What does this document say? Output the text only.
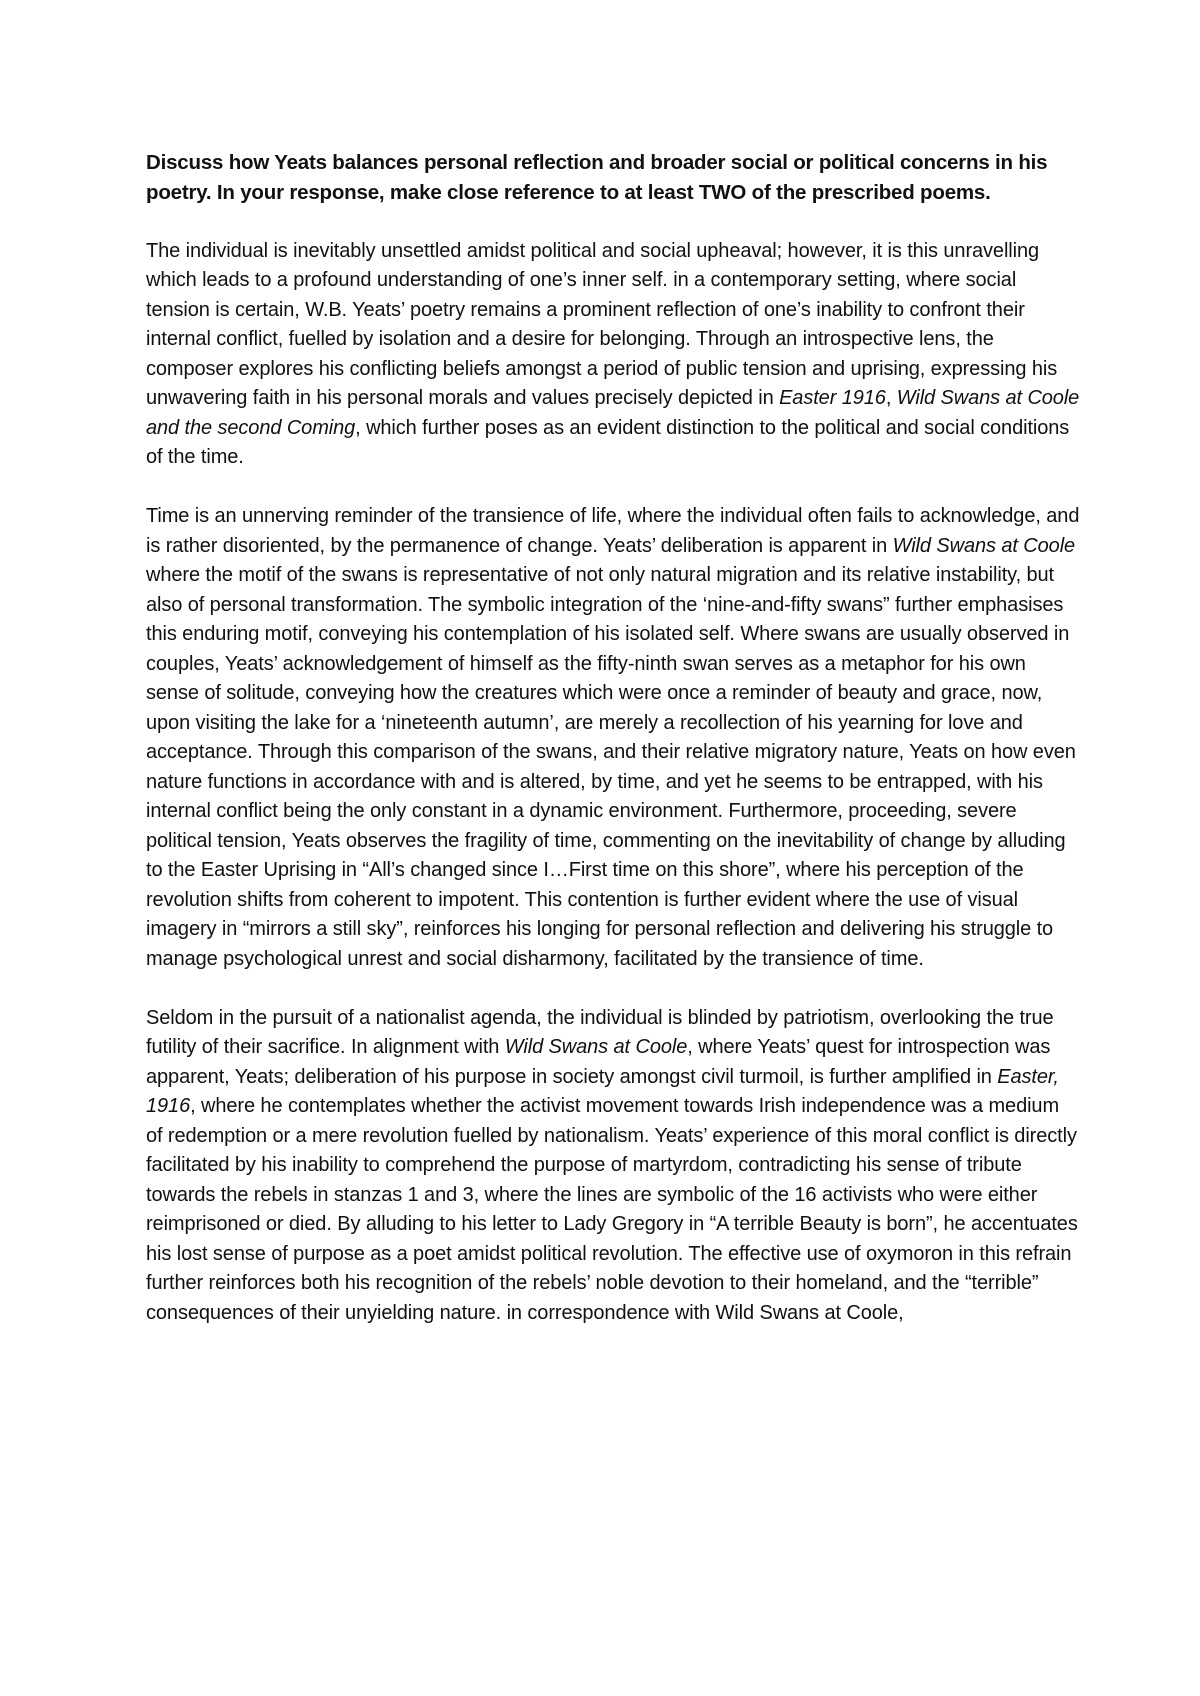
Discuss how Yeats balances personal reflection and broader social or political concerns in his poetry. In your response, make close reference to at least TWO of the prescribed poems.

The individual is inevitably unsettled amidst political and social upheaval; however, it is this unravelling which leads to a profound understanding of one’s inner self. in a contemporary setting, where social tension is certain, W.B. Yeats’ poetry remains a prominent reflection of one’s inability to confront their internal conflict, fuelled by isolation and a desire for belonging. Through an introspective lens, the composer explores his conflicting beliefs amongst a period of public tension and uprising, expressing his unwavering faith in his personal morals and values precisely depicted in Easter 1916, Wild Swans at Coole and the second Coming, which further poses as an evident distinction to the political and social conditions of the time.

Time is an unnerving reminder of the transience of life, where the individual often fails to acknowledge, and is rather disoriented, by the permanence of change. Yeats’ deliberation is apparent in Wild Swans at Coole where the motif of the swans is representative of not only natural migration and its relative instability, but also of personal transformation. The symbolic integration of the ‘nine-and-fifty swans” further emphasises this enduring motif, conveying his contemplation of his isolated self. Where swans are usually observed in couples, Yeats’ acknowledgement of himself as the fifty-ninth swan serves as a metaphor for his own sense of solitude, conveying how the creatures which were once a reminder of beauty and grace, now, upon visiting the lake for a ‘nineteenth autumn’, are merely a recollection of his yearning for love and acceptance. Through this comparison of the swans, and their relative migratory nature, Yeats on how even nature functions in accordance with and is altered, by time, and yet he seems to be entrapped, with his internal conflict being the only constant in a dynamic environment. Furthermore, proceeding, severe political tension, Yeats observes the fragility of time, commenting on the inevitability of change by alluding to the Easter Uprising in “All’s changed since I…First time on this shore”, where his perception of the revolution shifts from coherent to impotent. This contention is further evident where the use of visual imagery in “mirrors a still sky”, reinforces his longing for personal reflection and delivering his struggle to manage psychological unrest and social disharmony, facilitated by the transience of time.

Seldom in the pursuit of a nationalist agenda, the individual is blinded by patriotism, overlooking the true futility of their sacrifice. In alignment with Wild Swans at Coole, where Yeats’ quest for introspection was apparent, Yeats; deliberation of his purpose in society amongst civil turmoil, is further amplified in Easter, 1916, where he contemplates whether the activist movement towards Irish independence was a medium of redemption or a mere revolution fuelled by nationalism. Yeats’ experience of this moral conflict is directly facilitated by his inability to comprehend the purpose of martyrdom, contradicting his sense of tribute towards the rebels in stanzas 1 and 3, where the lines are symbolic of the 16 activists who were either reimprisoned or died. By alluding to his letter to Lady Gregory in “A terrible Beauty is born”, he accentuates his lost sense of purpose as a poet amidst political revolution. The effective use of oxymoron in this refrain further reinforces both his recognition of the rebels’ noble devotion to their homeland, and the “terrible” consequences of their unyielding nature. in correspondence with Wild Swans at Coole,
